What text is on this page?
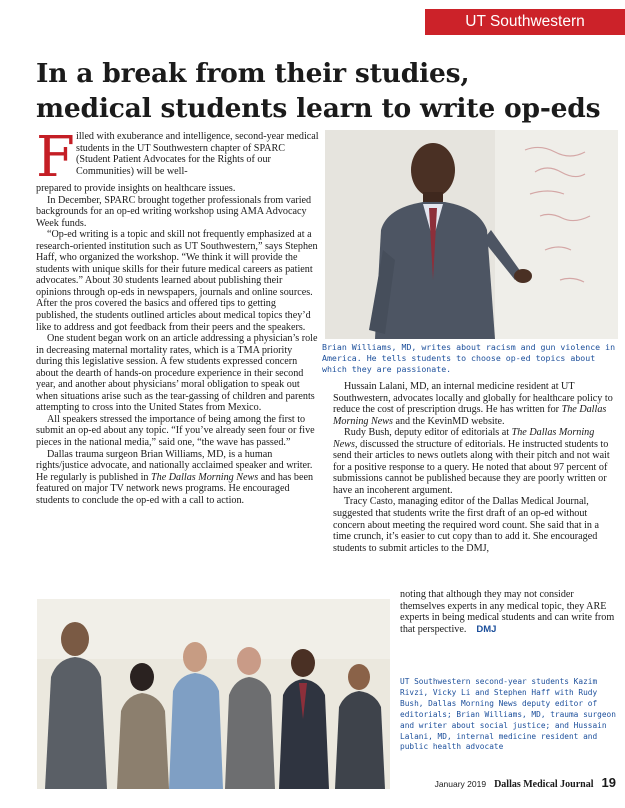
UT Southwestern
In a break from their studies,
medical students learn to write op-eds
F illed with exuberance and intelligence, second-year medical students in the UT Southwestern chapter of SPARC (Student Patient Advocates for the Rights of our Communities) will be well-

prepared to provide insights on healthcare issues.

In December, SPARC brought together professionals from varied backgrounds for an op-ed writing workshop using AMA Advocacy Week funds.

“Op-ed writing is a topic and skill not frequently emphasized at a research-oriented institution such as UT Southwestern,” says Stephen Haff, who organized the workshop. “We think it will provide the students with unique skills for their future medical careers as patient advocates.” About 30 students learned about publishing their opinions through op-eds in newspapers, journals and online sources. After the pros covered the basics and offered tips to getting published, the students outlined articles about medical topics they’d like to address and got feedback from their peers and the speakers.

One student began work on an article addressing a physician’s role in decreasing maternal mortality rates, which is a TMA priority during this legislative session. A few students expressed concern about the dearth of hands-on procedure experience in their second year, and another about physicians’ moral obligation to speak out when situations arise such as the tear-gassing of children and parents attempting to cross into the United States from Mexico.

All speakers stressed the importance of being among the first to submit an op-ed about any topic. “If you’ve already seen four or five pieces in the national media,” said one, “the wave has passed.”

Dallas trauma surgeon Brian Williams, MD, is a human rights/justice advocate, and nationally acclaimed speaker and writer. He regularly is published in The Dallas Morning News and has been featured on major TV network news programs. He encouraged students to conclude the op-ed with a call to action.

Brian Williams, MD, writes about racism and gun violence in America. He tells students to choose op-ed topics about which they are passionate.

Hussain Lalani, MD, an internal medicine resident at UT Southwestern, advocates locally and globally for healthcare policy to reduce the cost of prescription drugs. He has written for The Dallas Morning News and the KevinMD website.

Rudy Bush, deputy editor of editorials at The Dallas Morning News, discussed the structure of editorials. He instructed students to send their articles to news outlets along with their pitch and not wait for a positive response to a query. He noted that about 97 percent of submissions cannot be published because they are poorly written or have an incoherent argument.

Tracy Casto, managing editor of the Dallas Medical Journal, suggested that students write the first draft of an op-ed without concern about meeting the required word count. She said that in a time crunch, it’s easier to cut copy than to add it. She encouraged students to submit articles to the DMJ,

noting that although they may not consider themselves experts in any medical topic, they ARE experts in being medical students and can write from that perspective. DMJ

UT Southwestern second-year students Kazim Rivzi, Vicky Li and Stephen Haff with Rudy Bush, Dallas Morning News deputy editor of editorials; Brian Williams, MD, trauma surgeon and writer about social justice; and Hussain Lalani, MD, internal medicine resident and public health advocate
January 2019 Dallas Medical Journal 19
